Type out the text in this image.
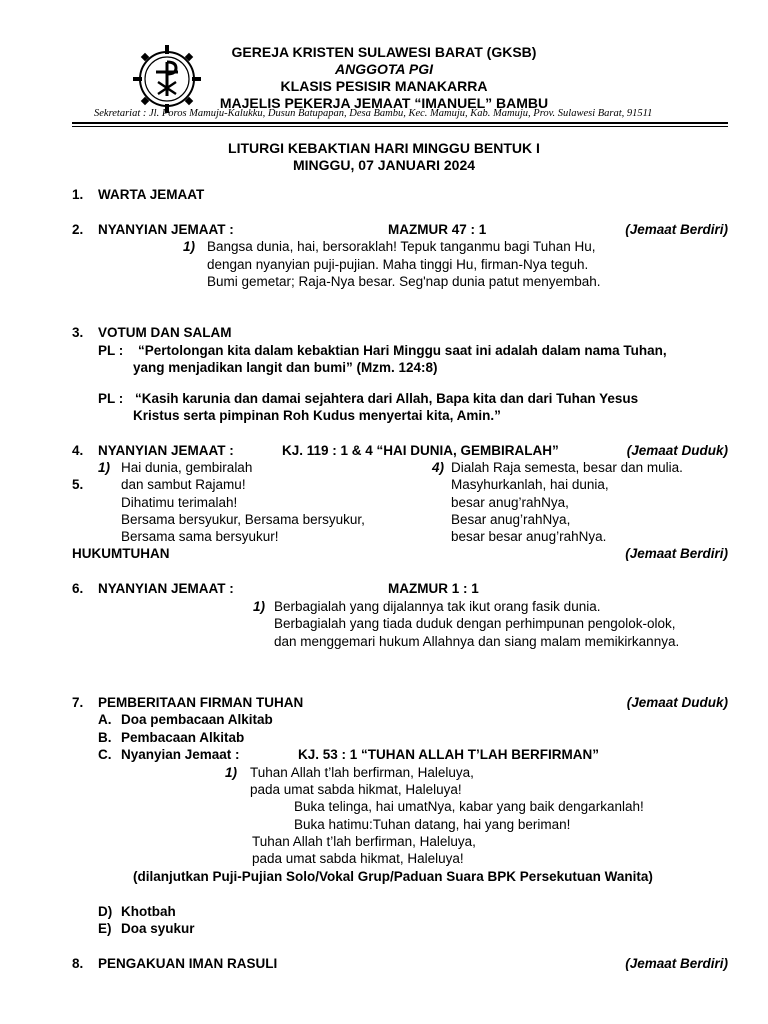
GEREJA KRISTEN SULAWESI BARAT (GKSB)
ANGGOTA PGI
KLASIS PESISIR MANAKARRA
MAJELIS PEKERJA JEMAAT “IMANUEL” BAMBU
Sekretariat : Jl. Poros Mamuju-Kalukku, Dusun Batupapan, Desa Bambu, Kec. Mamuju, Kab. Mamuju, Prov. Sulawesi Barat, 91511
LITURGI KEBAKTIAN HARI MINGGU BENTUK I
MINGGU, 07 JANUARI 2024
1. WARTA JEMAAT
2. NYANYIAN JEMAAT :	MAZMUR 47 : 1	(Jemaat Berdiri)
1) Bangsa dunia, hai, bersoraklah! Tepuk tanganmu bagi Tuhan Hu,
dengan nyanyian puji-pujian. Maha tinggi Hu, firman-Nya teguh.
Bumi gemetar; Raja-Nya besar. Seg'nap dunia patut menyembah.
3. VOTUM DAN SALAM
PL : “Pertolongan kita dalam kebaktian Hari Minggu saat ini adalah dalam nama Tuhan,
yang menjadikan langit dan bumi” (Mzm. 124:8)
PL : “Kasih karunia dan damai sejahtera dari Allah, Bapa kita dan dari Tuhan Yesus
Kristus serta pimpinan Roh Kudus menyertai kita, Amin.”
4. NYANYIAN JEMAAT :	KJ. 119 : 1 & 4 “HAI DUNIA, GEMBIRALAH”	(Jemaat Duduk)
1) Hai dunia, gembiralah
dan sambut Rajamu!
Dihatimu terimalah!
Bersama bersyukur, Bersama bersyukur,
Bersama sama bersyukur!
4) Dialah Raja semesta, besar dan mulia.
Masyhurkanlah, hai dunia,
besar anug’rahNya,
Besar anug’rahNya,
besar besar anug’rahNya.
5.
HUKUMTUHAN	(Jemaat Berdiri)
6. NYANYIAN JEMAAT :	MAZMUR 1 : 1
1) Berbagialah yang dijalannya tak ikut orang fasik dunia.
Berbagialah yang tiada duduk dengan perhimpunan pengolok-olok,
dan menggemari hukum Allahnya dan siang malam memikirkannya.
7. PEMBERITAAN FIRMAN TUHAN	(Jemaat Duduk)
A. Doa pembacaan Alkitab
B. Pembacaan Alkitab
C. Nyanyian Jemaat :	KJ. 53 : 1 “TUHAN ALLAH T’LAH BERFIRMAN”
1) Tuhan Allah t’lah berfirman, Haleluya,
pada umat sabda hikmat, Haleluya!
Buka telinga, hai umatNya, kabar yang baik dengarkanlah!
Buka hatimu:Tuhan datang, hai yang beriman!
Tuhan Allah t’lah berfirman, Haleluya,
pada umat sabda hikmat, Haleluya!
(dilanjutkan Puji-Pujian Solo/Vokal Grup/Paduan Suara BPK Persekutuan Wanita)
D) Khotbah
E) Doa syukur
8. PENGAKUAN IMAN RASULI	(Jemaat Berdiri)
